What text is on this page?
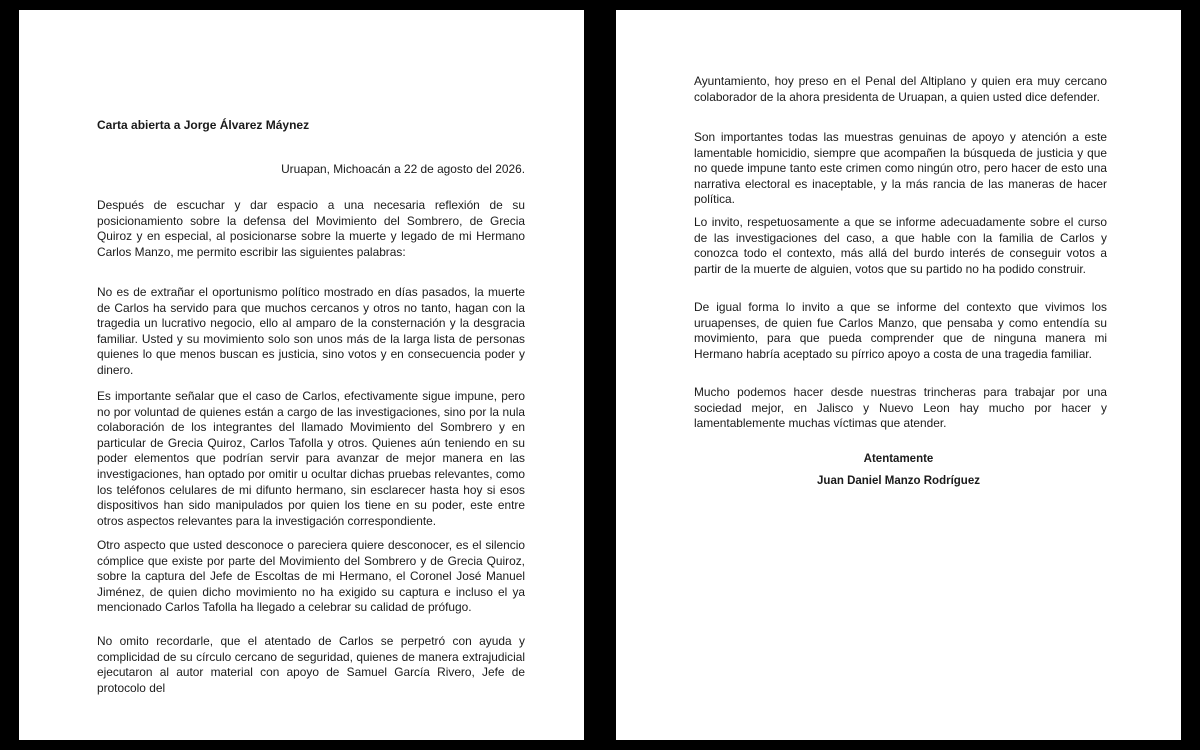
Carta abierta a Jorge Álvarez Máynez

Uruapan, Michoacán a 22 de agosto del 2026.

Después de escuchar y dar espacio a una necesaria reflexión de su posicionamiento sobre la defensa del Movimiento del Sombrero, de Grecia Quiroz y en especial, al posicionarse sobre la muerte y legado de mi Hermano Carlos Manzo, me permito escribir las siguientes palabras:

No es de extrañar el oportunismo político mostrado en días pasados, la muerte de Carlos ha servido para que muchos cercanos y otros no tanto, hagan con la tragedia un lucrativo negocio, ello al amparo de la consternación y la desgracia familiar. Usted y su movimiento solo son unos más de la larga lista de personas quienes lo que menos buscan es justicia, sino votos y en consecuencia poder y dinero.

Es importante señalar que el caso de Carlos, efectivamente sigue impune, pero no por voluntad de quienes están a cargo de las investigaciones, sino por la nula colaboración de los integrantes del llamado Movimiento del Sombrero y en particular de Grecia Quiroz, Carlos Tafolla y otros. Quienes aún teniendo en su poder elementos que podrían servir para avanzar de mejor manera en las investigaciones, han optado por omitir u ocultar dichas pruebas relevantes, como los teléfonos celulares de mi difunto hermano, sin esclarecer hasta hoy si esos dispositivos han sido manipulados por quien los tiene en su poder, este entre otros aspectos relevantes para la investigación correspondiente.

Otro aspecto que usted desconoce o pareciera quiere desconocer, es el silencio cómplice que existe por parte del Movimiento del Sombrero y de Grecia Quiroz, sobre la captura del Jefe de Escoltas de mi Hermano, el Coronel José Manuel Jiménez, de quien dicho movimiento no ha exigido su captura e incluso el ya mencionado Carlos Tafolla ha llegado a celebrar su calidad de prófugo.

No omito recordarle, que el atentado de Carlos se perpetró con ayuda y complicidad de su círculo cercano de seguridad, quienes de manera extrajudicial ejecutaron al autor material con apoyo de Samuel García Rivero, Jefe de protocolo del

Ayuntamiento, hoy preso en el Penal del Altiplano y quien era muy cercano colaborador de la ahora presidenta de Uruapan, a quien usted dice defender.

Son importantes todas las muestras genuinas de apoyo y atención a este lamentable homicidio, siempre que acompañen la búsqueda de justicia y que no quede impune tanto este crimen como ningún otro, pero hacer de esto una narrativa electoral es inaceptable, y la más rancia de las maneras de hacer política.

Lo invito, respetuosamente a que se informe adecuadamente sobre el curso de las investigaciones del caso, a que hable con la familia de Carlos y conozca todo el contexto, más allá del burdo interés de conseguir votos a partir de la muerte de alguien, votos que su partido no ha podido construir.

De igual forma lo invito a que se informe del contexto que vivimos los uruapenses, de quien fue Carlos Manzo, que pensaba y como entendía su movimiento, para que pueda comprender que de ninguna manera mi Hermano habría aceptado su pírrico apoyo a costa de una tragedia familiar.

Mucho podemos hacer desde nuestras trincheras para trabajar por una sociedad mejor, en Jalisco y Nuevo Leon hay mucho por hacer y lamentablemente muchas víctimas que atender.

Atentamente

Juan Daniel Manzo Rodríguez
